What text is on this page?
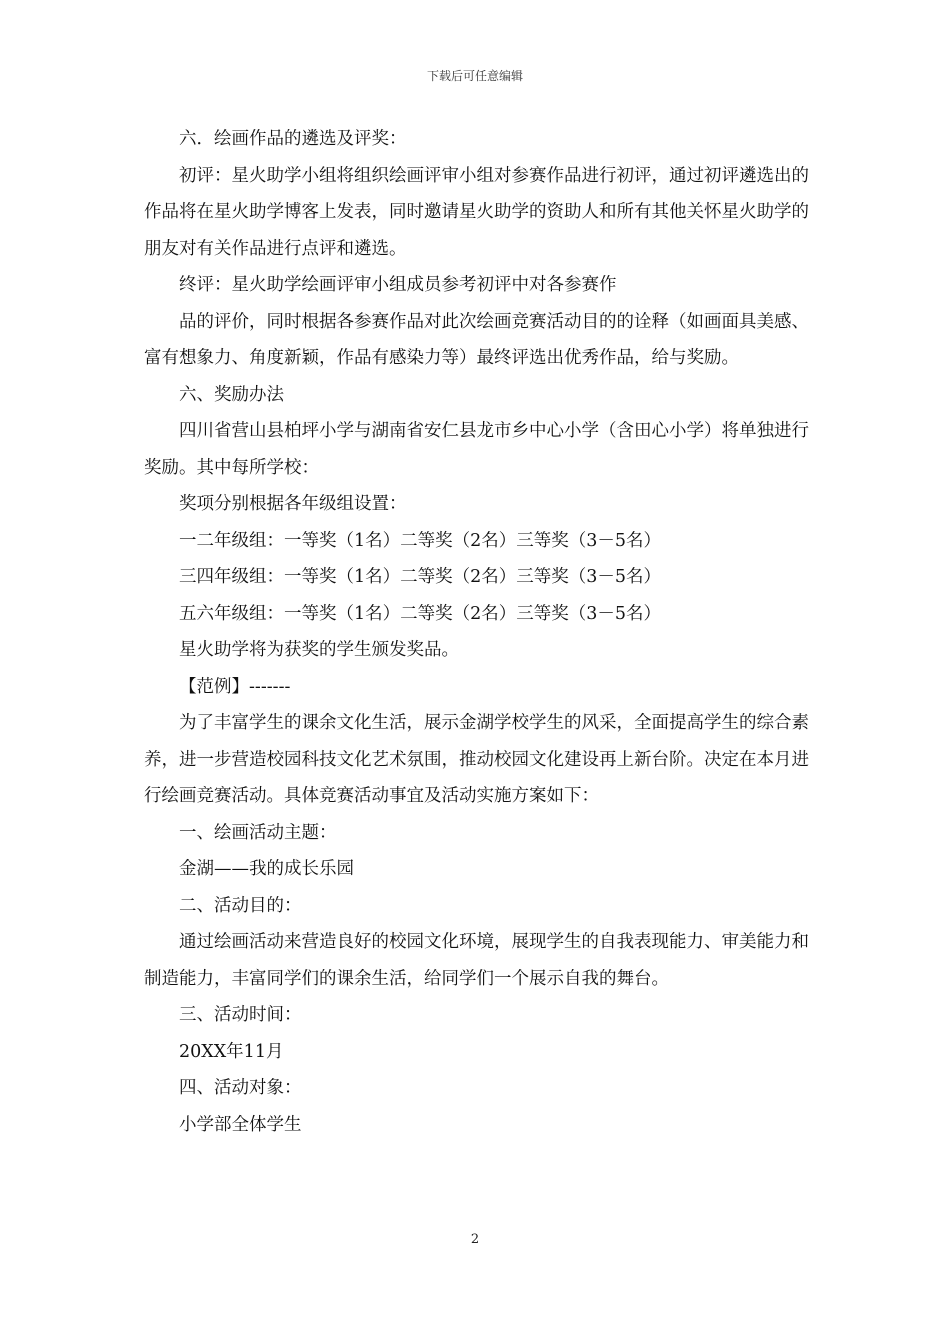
下载后可任意编辑

六．绘画作品的遴选及评奖：

初评：星火助学小组将组织绘画评审小组对参赛作品进行初评，通过初评遴选出的作品将在星火助学博客上发表，同时邀请星火助学的资助人和所有其他关怀星火助学的朋友对有关作品进行点评和遴选。

终评：星火助学绘画评审小组成员参考初评中对各参赛作

品的评价，同时根据各参赛作品对此次绘画竞赛活动目的的诠释（如画面具美感、富有想象力、角度新颖，作品有感染力等）最终评选出优秀作品，给与奖励。

六、奖励办法

四川省营山县柏坪小学与湖南省安仁县龙市乡中心小学（含田心小学）将单独进行奖励。其中每所学校：

奖项分别根据各年级组设置：

一二年级组：一等奖（1名）二等奖（2名）三等奖（3－5名）

三四年级组：一等奖（1名）二等奖（2名）三等奖（3－5名）

五六年级组：一等奖（1名）二等奖（2名）三等奖（3－5名）

星火助学将为获奖的学生颁发奖品。

【范例】-------

为了丰富学生的课余文化生活，展示金湖学校学生的风采，全面提高学生的综合素养，进一步营造校园科技文化艺术氛围，推动校园文化建设再上新台阶。决定在本月进行绘画竞赛活动。具体竞赛活动事宜及活动实施方案如下：

一、绘画活动主题：

金湖——我的成长乐园

二、活动目的：

通过绘画活动来营造良好的校园文化环境，展现学生的自我表现能力、审美能力和制造能力，丰富同学们的课余生活，给同学们一个展示自我的舞台。

三、活动时间：

20XX年11月

四、活动对象：

小学部全体学生

2
